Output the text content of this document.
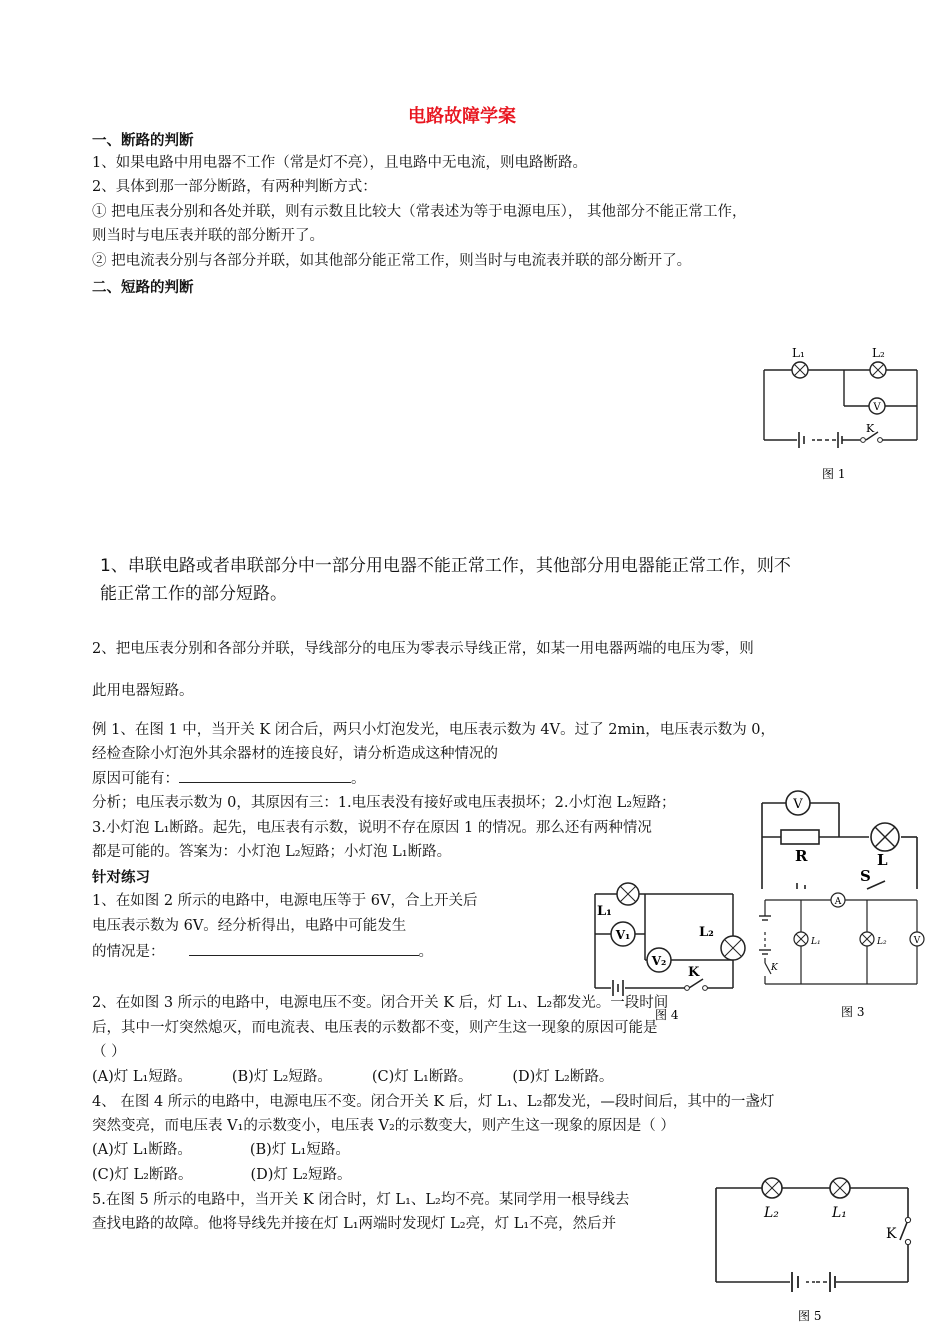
电路故障学案
一、断路的判断
1、如果电路中用电器不工作（常是灯不亮），且电路中无电流，则电路断路。
2、具体到那一部分断路，有两种判断方式：
① 把电压表分别和各处并联，则有示数且比较大（常表述为等于电源电压）， 其他部分不能正常工作，
则当时与电压表并联的部分断开了。
② 把电流表分别与各部分并联，如其他部分能正常工作，则当时与电流表并联的部分断开了。
二、短路的判断
V
L₁	L₂
K
图 1
1、串联电路或者串联部分中一部分用电器不能正常工作，其他部分用电器能正常工作，则不
能正常工作的部分短路。
2、把电压表分别和各部分并联，导线部分的电压为零表示导线正常，如某一用电器两端的电压为零，则
此用电器短路。
例 1、在图 1 中，当开关 K 闭合后，两只小灯泡发光，电压表示数为 4V。过了 2min，电压表示数为 0，
经检查除小灯泡外其余器材的连接良好，请分析造成这种情况的
原因可能有：	。
分析；电压表示数为 0，其原因有三：1.电压表没有接好或电压表损坏；2.小灯泡 L₂短路；
3.小灯泡 L₁断路。起先，电压表有示数，说明不存在原因 1 的情况。那么还有两种情况
都是可能的。答案为：小灯泡 L₂短路；小灯泡 L₁断路。
V
R	L
S
针对练习
1、在如图 2 所示的电路中，电源电压等于 6V，合上开关后
电压表示数为 6V。经分析得出，电路中可能发生
的情况是：	。
V₁
V₂
L₁
L₂
K
图 4
A
V
L₁	L₂
K
图 3
2、在如图 3 所示的电路中，电源电压不变。闭合开关 K 后，灯 L₁、L₂都发光。一段时间
后，其中一灯突然熄灭，而电流表、电压表的示数都不变，则产生这一现象的原因可能是
（ ）
(A)灯 L₁短路。	(B)灯 L₂短路。	(C)灯 L₁断路。	(D)灯 L₂断路。
4、 在图 4 所示的电路中，电源电压不变。闭合开关 K 后，灯 L₁、L₂都发光，—段时间后，其中的一盏灯
突然变亮，而电压表 V₁的示数变小，电压表 V₂的示数变大，则产生这一现象的原因是（ ）
(A)灯 L₁断路。	(B)灯 L₁短路。
(C)灯 L₂断路。	(D)灯 L₂短路。
5.在图 5 所示的电路中，当开关 K 闭合时，灯 L₁、L₂均不亮。某同学用一根导线去
查找电路的故障。他将导线先并接在灯 L₁两端时发现灯 L₂亮，灯 L₁不亮，然后并
L₂	L₁
K
图 5
